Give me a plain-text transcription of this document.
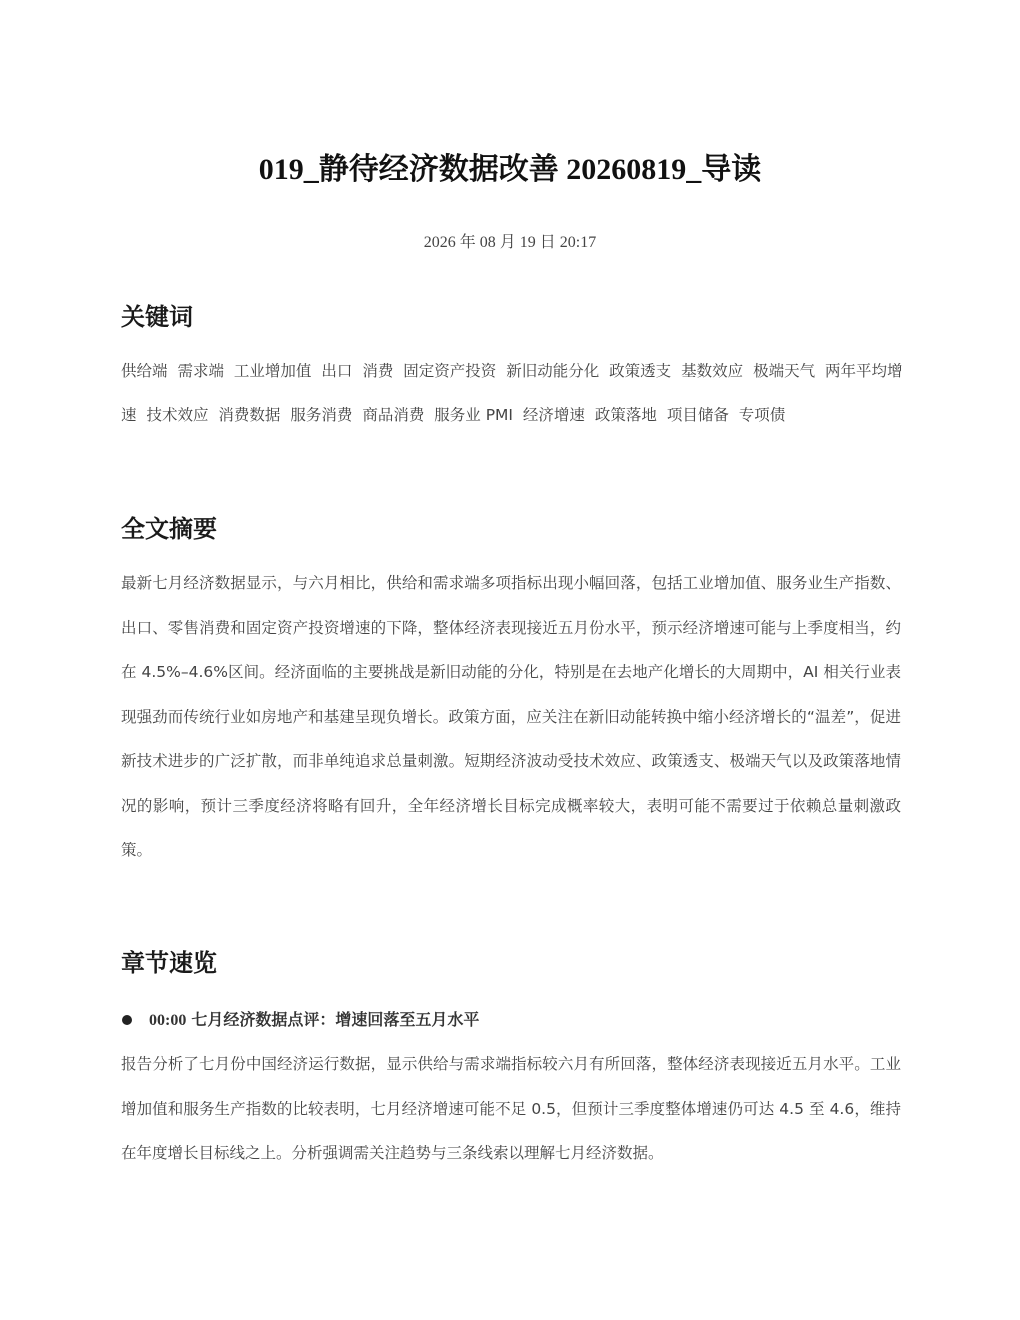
019_静待经济数据改善 20260819_导读
2026 年 08 月 19 日 20:17
关键词

供给端 需求端 工业增加值 出口 消费 固定资产投资 新旧动能分化 政策透支 基数效应 极端天气 两年平均增速 技术效应 消费数据 服务消费 商品消费 服务业 PMI 经济增速 政策落地 项目储备 专项债

全文摘要

最新七月经济数据显示，与六月相比，供给和需求端多项指标出现小幅回落，包括工业增加值、服务业生产指数、出口、零售消费和固定资产投资增速的下降，整体经济表现接近五月份水平，预示经济增速可能与上季度相当，约在 4.5%–4.6%区间。经济面临的主要挑战是新旧动能的分化，特别是在去地产化增长的大周期中，AI 相关行业表现强劲而传统行业如房地产和基建呈现负增长。政策方面，应关注在新旧动能转换中缩小经济增长的“温差”，促进新技术进步的广泛扩散，而非单纯追求总量刺激。短期经济波动受技术效应、政策透支、极端天气以及政策落地情况的影响，预计三季度经济将略有回升，全年经济增长目标完成概率较大，表明可能不需要过于依赖总量刺激政策。

章节速览
00:00 七月经济数据点评：增速回落至五月水平

报告分析了七月份中国经济运行数据，显示供给与需求端指标较六月有所回落，整体经济表现接近五月水平。工业增加值和服务生产指数的比较表明，七月经济增速可能不足 0.5，但预计三季度整体增速仍可达 4.5 至 4.6，维持在年度增长目标线之上。分析强调需关注趋势与三条线索以理解七月经济数据。
